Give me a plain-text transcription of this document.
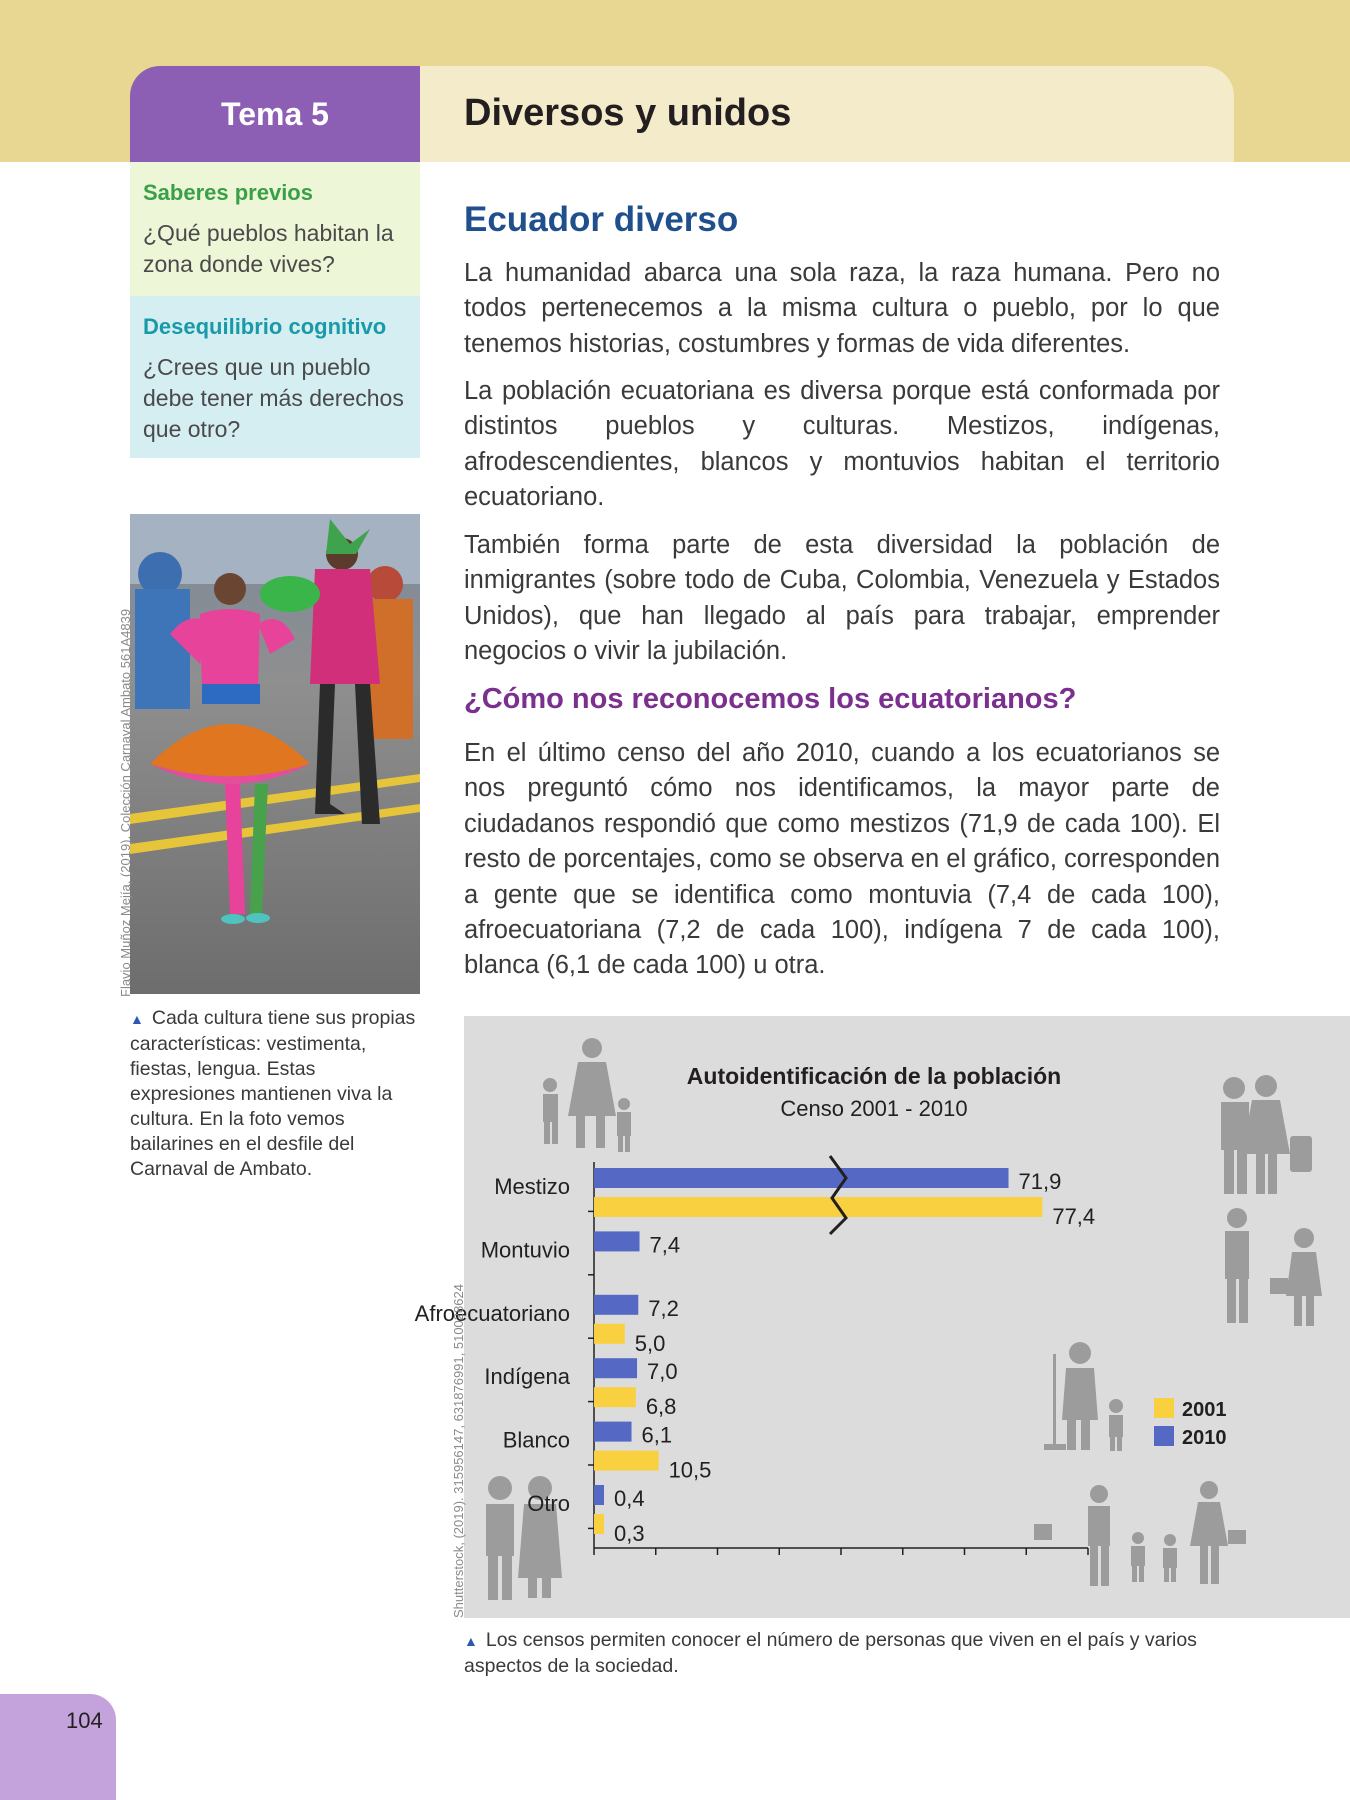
Tema 5	Diversos y unidos
Saberes previos
¿Qué pueblos habitan la zona donde vives?
Desequilibrio cognitivo
¿Crees que un pueblo debe tener más derechos que otro?
Flavio Muñoz Mejía, (2019). Colección Carnaval Ambato 561A4839
▲ Cada cultura tiene sus propias características: vestimenta, fiestas, lengua. Estas expresiones mantienen viva la cultura. En la foto vemos bailarines en el desfile del Carnaval de Ambato.
Ecuador diverso

La humanidad abarca una sola raza, la raza humana. Pero no todos pertenecemos a la misma cultura o pueblo, por lo que tenemos historias, costumbres y formas de vida diferentes.

La población ecuatoriana es diversa porque está conformada por distintos pueblos y culturas. Mestizos, indígenas, afrodescendientes, blancos y montuvios habitan el territorio ecuatoriano.

También forma parte de esta diversidad la población de inmigrantes (sobre todo de Cuba, Colombia, Venezuela y Estados Unidos), que han llegado al país para trabajar, emprender negocios o vivir la jubilación.

¿Cómo nos reconocemos los ecuatorianos?

En el último censo del año 2010, cuando a los ecuatorianos se nos preguntó cómo nos identificamos, la mayor parte de ciudadanos respondió que como mestizos (71,9 de cada 100). El resto de porcentajes, como se observa en el gráfico, corresponden a gente que se identifica como montuvia (7,4 de cada 100), afroecuatoriana (7,2 de cada 100), indígena 7 de cada 100), blanca (6,1 de cada 100) u otra.

Autoidentificación de la población
Censo 2001 - 2010
Mestizo	71,9
77,4
Montuvio	7,4
Afroecuatoriano	7,2
5,0
Indígena	7,0
6,8
Blanco	6,1
10,5
Otro 0,4
0,3
2001
2010
Shutterstock, (2019). 315956147, 631876991, 510028624
▲ Los censos permiten conocer el número de personas que viven en el país y varios aspectos de la sociedad.
104
